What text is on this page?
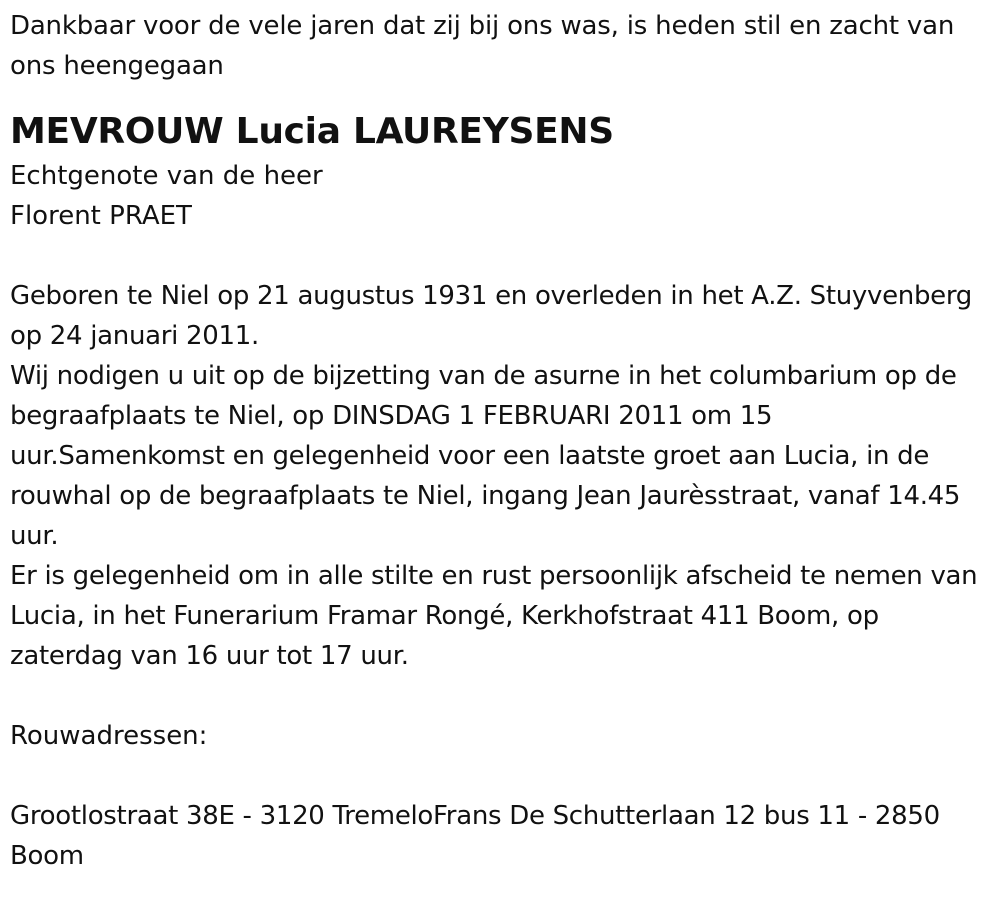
Dankbaar voor de vele jaren dat zij bij ons was, is heden stil en zacht van ons heengegaan

MEVROUW Lucia LAUREYSENS

Echtgenote van de heer

Florent PRAET

Geboren te Niel op 21 augustus 1931 en overleden in het A.Z. Stuyvenberg op 24 januari 2011.

Wij nodigen u uit op de bijzetting van de asurne in het columbarium op de begraafplaats te Niel, op DINSDAG 1 FEBRUARI 2011 om 15 uur.Samenkomst en gelegenheid voor een laatste groet aan Lucia, in de rouwhal op de begraafplaats te Niel, ingang Jean Jaurèsstraat, vanaf 14.45 uur.

Er is gelegenheid om in alle stilte en rust persoonlijk afscheid te nemen van Lucia, in het Funerarium Framar Rongé, Kerkhofstraat 411 Boom, op zaterdag van 16 uur tot 17 uur.

Rouwadressen:

Grootlostraat 38E - 3120 TremeloFrans De Schutterlaan 12 bus 11 - 2850 Boom
